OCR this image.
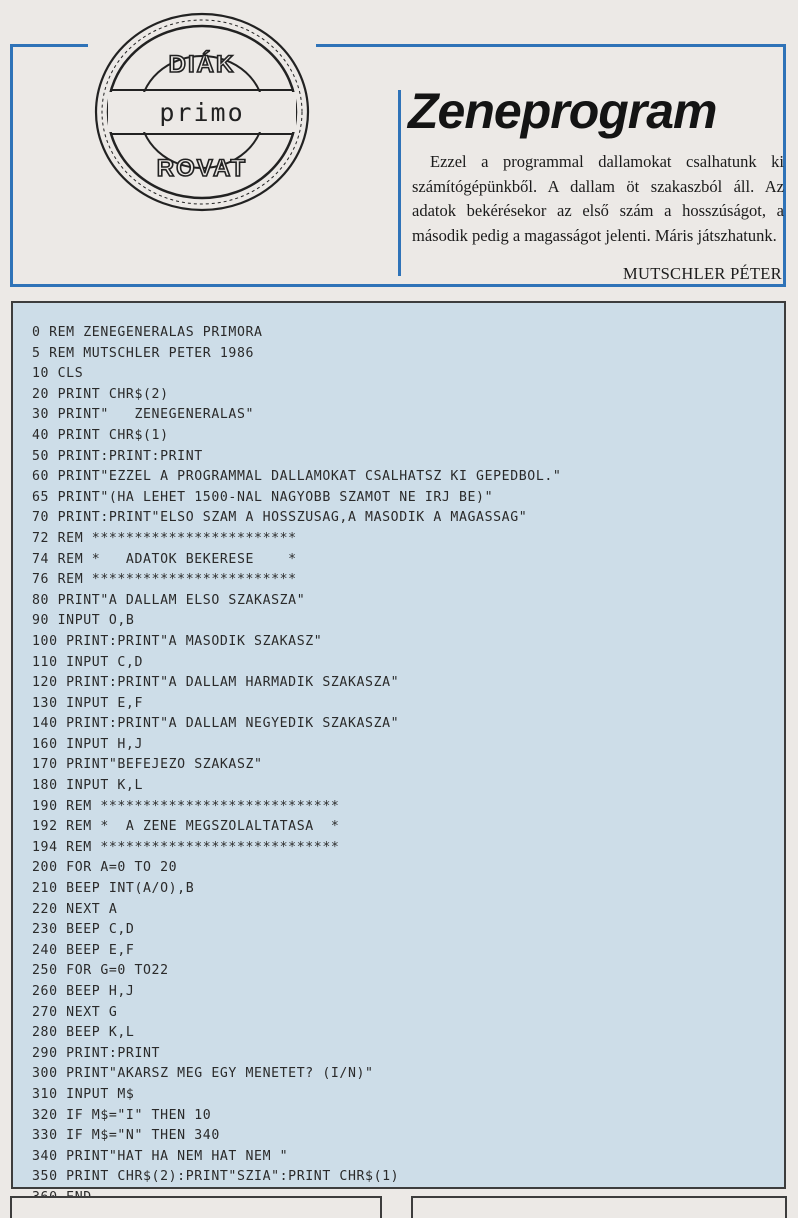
DIÁK
primo
ROVAT
Zeneprogram

Ezzel a programmal dallamokat csalhatunk ki számítógépünkből. A dallam öt szakaszból áll. Az adatok bekérésekor az első szám a hosszúságot, a második pedig a magasságot jelenti. Máris játszhatunk.

MUTSCHLER PÉTER

0 REM ZENEGENERALAS PRIMORA
5 REM MUTSCHLER PETER 1986
10 CLS
20 PRINT CHR$(2)
30 PRINT"   ZENEGENERALAS"
40 PRINT CHR$(1)
50 PRINT:PRINT:PRINT
60 PRINT"EZZEL A PROGRAMMAL DALLAMOKAT CSALHATSZ KI GEPEDBOL."
65 PRINT"(HA LEHET 1500-NAL NAGYOBB SZAMOT NE IRJ BE)"
70 PRINT:PRINT"ELSO SZAM A HOSSZUSAG,A MASODIK A MAGASSAG"
72 REM ************************
74 REM *   ADATOK BEKERESE    *
76 REM ************************
80 PRINT"A DALLAM ELSO SZAKASZA"
90 INPUT O,B
100 PRINT:PRINT"A MASODIK SZAKASZ"
110 INPUT C,D
120 PRINT:PRINT"A DALLAM HARMADIK SZAKASZA"
130 INPUT E,F
140 PRINT:PRINT"A DALLAM NEGYEDIK SZAKASZA"
160 INPUT H,J
170 PRINT"BEFEJEZO SZAKASZ"
180 INPUT K,L
190 REM ****************************
192 REM *  A ZENE MEGSZOLALTATASA  *
194 REM ****************************
200 FOR A=0 TO 20
210 BEEP INT(A/O),B
220 NEXT A
230 BEEP C,D
240 BEEP E,F
250 FOR G=0 TO22
260 BEEP H,J
270 NEXT G
280 BEEP K,L
290 PRINT:PRINT
300 PRINT"AKARSZ MEG EGY MENETET? (I/N)"
310 INPUT M$
320 IF M$="I" THEN 10
330 IF M$="N" THEN 340
340 PRINT"HAT HA NEM HAT NEM "
350 PRINT CHR$(2):PRINT"SZIA":PRINT CHR$(1)
